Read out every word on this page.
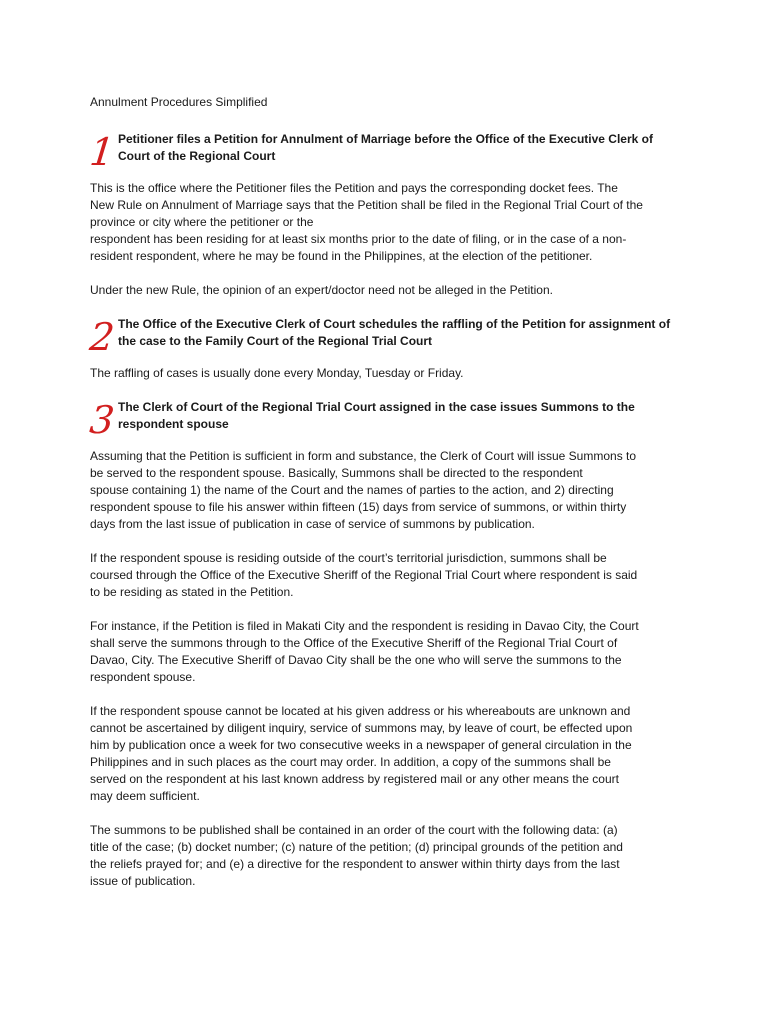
Annulment Procedures Simplified

1 Petitioner files a Petition for Annulment of Marriage before the Office of the Executive Clerk of
Court of the Regional Court

This is the office where the Petitioner files the Petition and pays the corresponding docket fees. The
New Rule on Annulment of Marriage says that the Petition shall be filed in the Regional Trial Court of the
province or city where the petitioner or the
respondent has been residing for at least six months prior to the date of filing, or in the case of a non-
resident respondent, where he may be found in the Philippines, at the election of the petitioner.

Under the new Rule, the opinion of an expert/doctor need not be alleged in the Petition.

2 The Office of the Executive Clerk of Court schedules the raffling of the Petition for assignment of
the case to the Family Court of the Regional Trial Court

The raffling of cases is usually done every Monday, Tuesday or Friday.

3 The Clerk of Court of the Regional Trial Court assigned in the case issues Summons to the
respondent spouse

Assuming that the Petition is sufficient in form and substance, the Clerk of Court will issue Summons to
be served to the respondent spouse. Basically, Summons shall be directed to the respondent
spouse containing 1) the name of the Court and the names of parties to the action, and 2) directing
respondent spouse to file his answer within fifteen (15) days from service of summons, or within thirty
days from the last issue of publication in case of service of summons by publication.

If the respondent spouse is residing outside of the court’s territorial jurisdiction, summons shall be
coursed through the Office of the Executive Sheriff of the Regional Trial Court where respondent is said
to be residing as stated in the Petition.

For instance, if the Petition is filed in Makati City and the respondent is residing in Davao City, the Court
shall serve the summons through to the Office of the Executive Sheriff of the Regional Trial Court of
Davao, City. The Executive Sheriff of Davao City shall be the one who will serve the summons to the
respondent spouse.

If the respondent spouse cannot be located at his given address or his whereabouts are unknown and
cannot be ascertained by diligent inquiry, service of summons may, by leave of court, be effected upon
him by publication once a week for two consecutive weeks in a newspaper of general circulation in the
Philippines and in such places as the court may order. In addition, a copy of the summons shall be
served on the respondent at his last known address by registered mail or any other means the court
may deem sufficient.

The summons to be published shall be contained in an order of the court with the following data: (a)
title of the case; (b) docket number; (c) nature of the petition; (d) principal grounds of the petition and
the reliefs prayed for; and (e) a directive for the respondent to answer within thirty days from the last
issue of publication.
